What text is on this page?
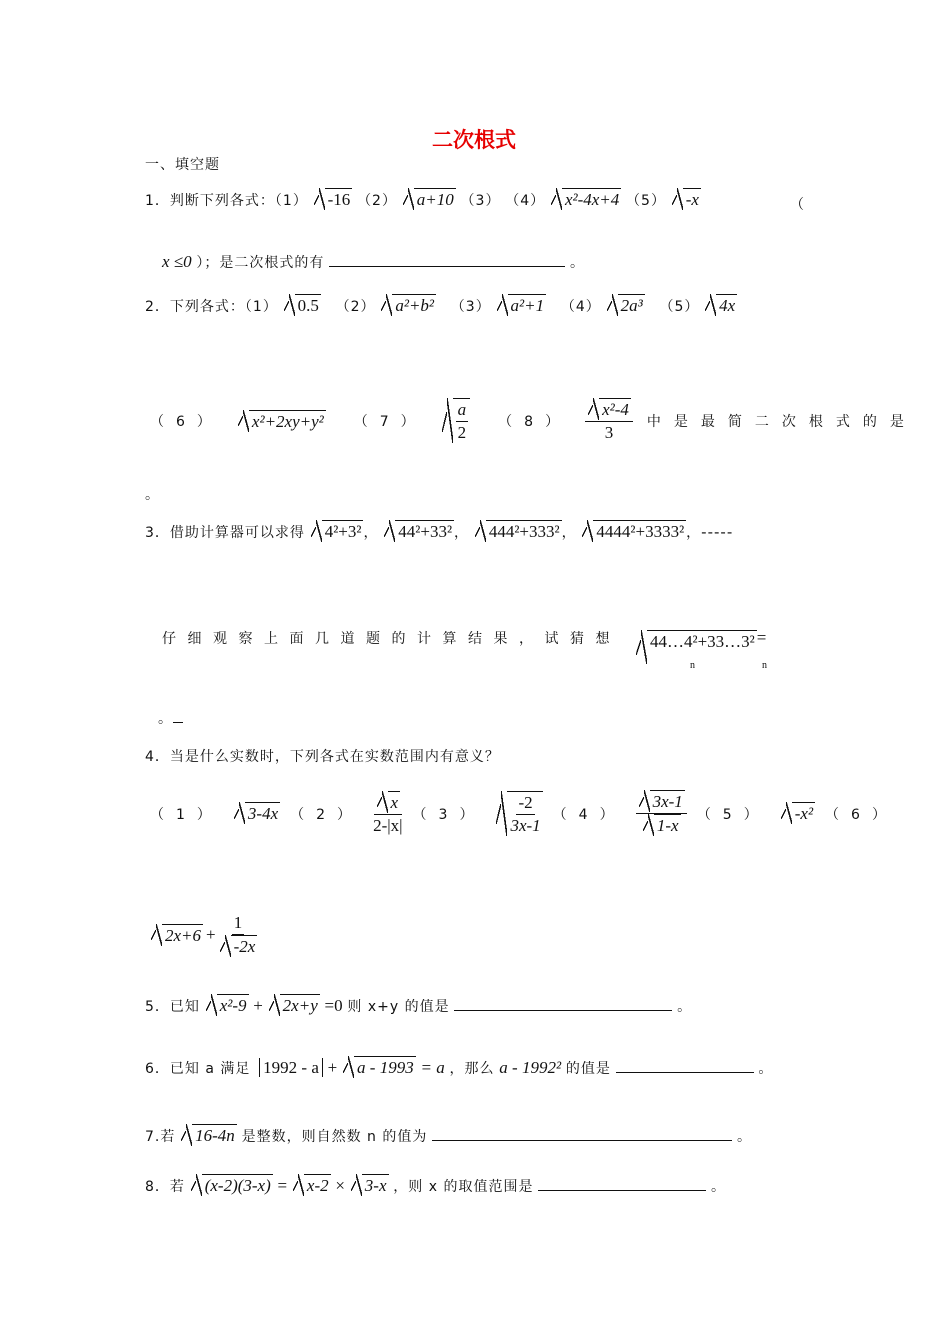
二次根式
一、填空题
1．判断下列各式：（1） -16 （2） a+10 （3） （4） x²-4x+4 （5） -x	（
x ≤0 ）；是二次根式的有	。
2．下列各式：（1） 0.5 （2） a²+b² （3） a²+1 （4） 2a³ （5） 4x
（6）	x²+2xy+y² $(7) \frac{a}{2} (8) \frac{\text{x²-4}}{3}$ 中是最简二次根式的是
。
3．借助计算器可以求得 4²+3² ， 44²+33² ， 444²+333² ， 4444²+3333² ，-----
仔细观察上面几道题的计算结果，试猜想	44…4²+33…3² =
n	n
。
4．当是什么实数时，下列各式在实数范围内有意义？
（1）	3-4x $(2) \frac{x}{2-|x|} (3) \frac{-2}{3x-1} (4) \frac{3x-1}{1-x} (5)$	-x² （6）
$2x+6 + \frac{1}{-2x}$
5．已知 x²-9 + 2x+y =0 则 x+y 的值是	。
6．已知 a 满足 1992 - a + a - 1993 = a ，那么 a - 1992² 的值是	。
7.若 16-4n 是整数，则自然数 n 的值为	。
8．若 (x-2)(3-x) = x-2 × 3-x ，则 x 的取值范围是	。
